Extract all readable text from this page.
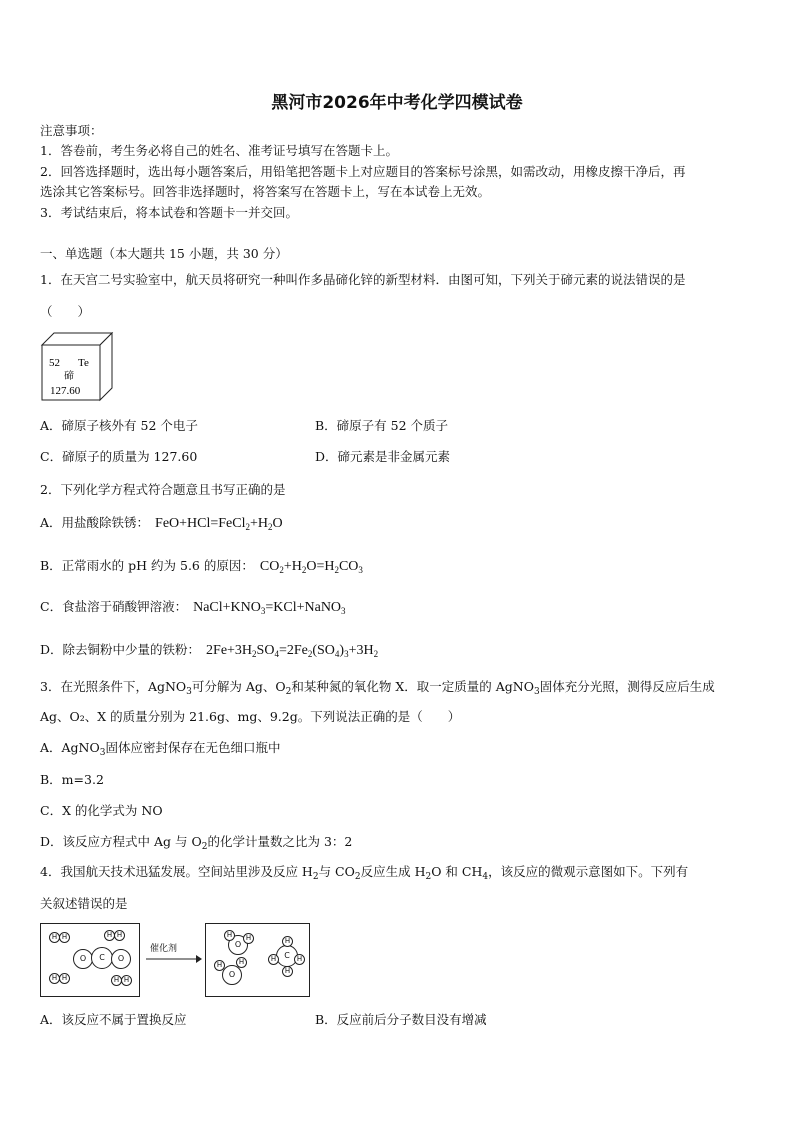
黑河市2026年中考化学四模试卷
注意事项：
1．答卷前，考生务必将自己的姓名、准考证号填写在答题卡上。
2．回答选择题时，选出每小题答案后，用铅笔把答题卡上对应题目的答案标号涂黑，如需改动，用橡皮擦干净后，再
选涂其它答案标号。回答非选择题时，将答案写在答题卡上，写在本试卷上无效。
3．考试结束后，将本试卷和答题卡一并交回。
一、单选题（本大题共 15 小题，共 30 分）
1．在天宫二号实验室中，航天员将研究一种叫作多晶碲化锌的新型材料．由图可知，下列关于碲元素的说法错误的是
（　　）
52 Te
碲
127.60
A．碲原子核外有 52 个电子	B．碲原子有 52 个质子
C．碲原子的质量为 127.60	D．碲元素是非金属元素
2．下列化学方程式符合题意且书写正确的是
A．用盐酸除铁锈： $FeO+HCl=FeCl_2+H_2O$
B．正常雨水的 pH 约为 5.6 的原因： $CO_2+H_2O=H_2CO_3$
C．食盐溶于硝酸钾溶液： $NaCl+KNO_3=KCl+NaNO_3$
D．除去铜粉中少量的铁粉： $2Fe+3H_2SO_4=2Fe_2(SO_4)_3+3H_2$
3．在光照条件下，AgNO$_3$可分解为 Ag、$O_2$和某种氮的氧化物 X．取一定质量的 AgNO$_3$固体充分光照，测得反应后生成
Ag、O₂、X 的质量分别为 21.6g、mg、9.2g。下列说法正确的是（　　）
A．AgNO$_3$固体应密封保存在无色细口瓶中
B．m=3.2
C．X 的化学式为 NO
D．该反应方程式中 Ag 与 $O_2$的化学计量数之比为 3：2
4．我国航天技术迅猛发展。空间站里涉及反应 $H_2$与 $CO_2$反应生成 $H_2O$ 和 $CH_4$，该反应的微观示意图如下。下列有
关叙述错误的是
H H	H H
O	C	O
H H	H H
催化剂	O
H	H
C
H
H	H
H
O
H	H
A．该反应不属于置换反应	B．反应前后分子数目没有增减
